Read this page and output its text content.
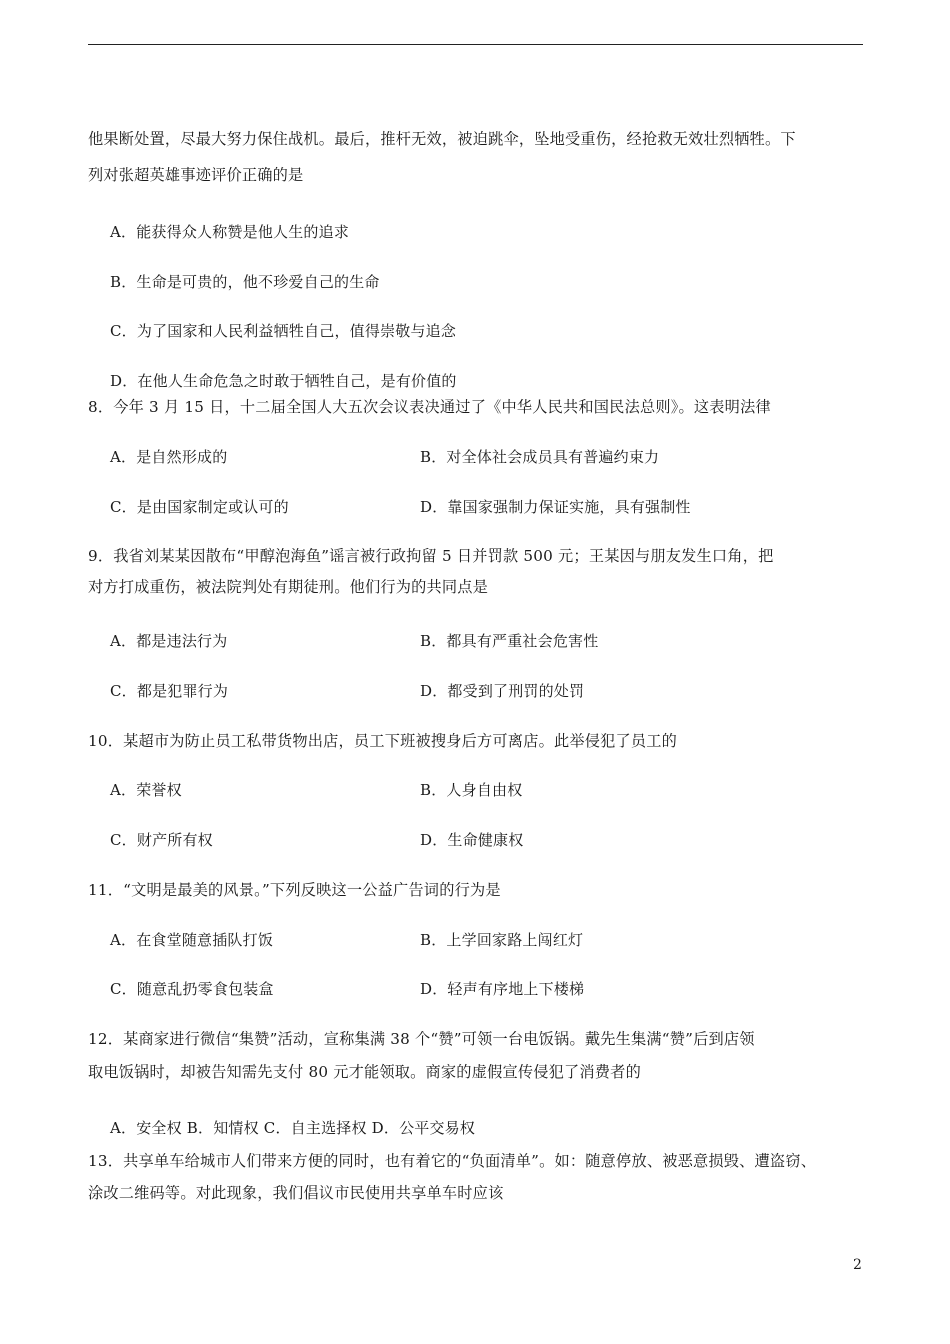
他果断处置，尽最大努力保住战机。最后，推杆无效，被迫跳伞，坠地受重伤，经抢救无效壮烈牺牲。下
列对张超英雄事迹评价正确的是
A．能获得众人称赞是他人生的追求
B．生命是可贵的，他不珍爱自己的生命
C．为了国家和人民利益牺牲自己，值得崇敬与追念
D．在他人生命危急之时敢于牺牲自己，是有价值的
8．今年 3 月 15 日，十二届全国人大五次会议表决通过了《中华人民共和国民法总则》。这表明法律
A．是自然形成的	B．对全体社会成员具有普遍约束力
C．是由国家制定或认可的	D．靠国家强制力保证实施，具有强制性
9．我省刘某某因散布“甲醇泡海鱼”谣言被行政拘留 5 日并罚款 500 元；王某因与朋友发生口角，把
对方打成重伤，被法院判处有期徒刑。他们行为的共同点是
A．都是违法行为	B．都具有严重社会危害性
C．都是犯罪行为	D．都受到了刑罚的处罚
10．某超市为防止员工私带货物出店，员工下班被搜身后方可离店。此举侵犯了员工的
A．荣誉权	B．人身自由权
C．财产所有权	D．生命健康权
11．“文明是最美的风景。”下列反映这一公益广告词的行为是
A．在食堂随意插队打饭	B．上学回家路上闯红灯
C．随意乱扔零食包装盒	D．轻声有序地上下楼梯
12．某商家进行微信“集赞”活动，宣称集满 38 个“赞”可领一台电饭锅。戴先生集满“赞”后到店领
取电饭锅时，却被告知需先支付 80 元才能领取。商家的虚假宣传侵犯了消费者的
A．安全权 B．知情权 C．自主选择权 D．公平交易权
13．共享单车给城市人们带来方便的同时，也有着它的“负面清单”。如：随意停放、被恶意损毁、遭盗窃、
涂改二维码等。对此现象，我们倡议市民使用共享单车时应该
2
